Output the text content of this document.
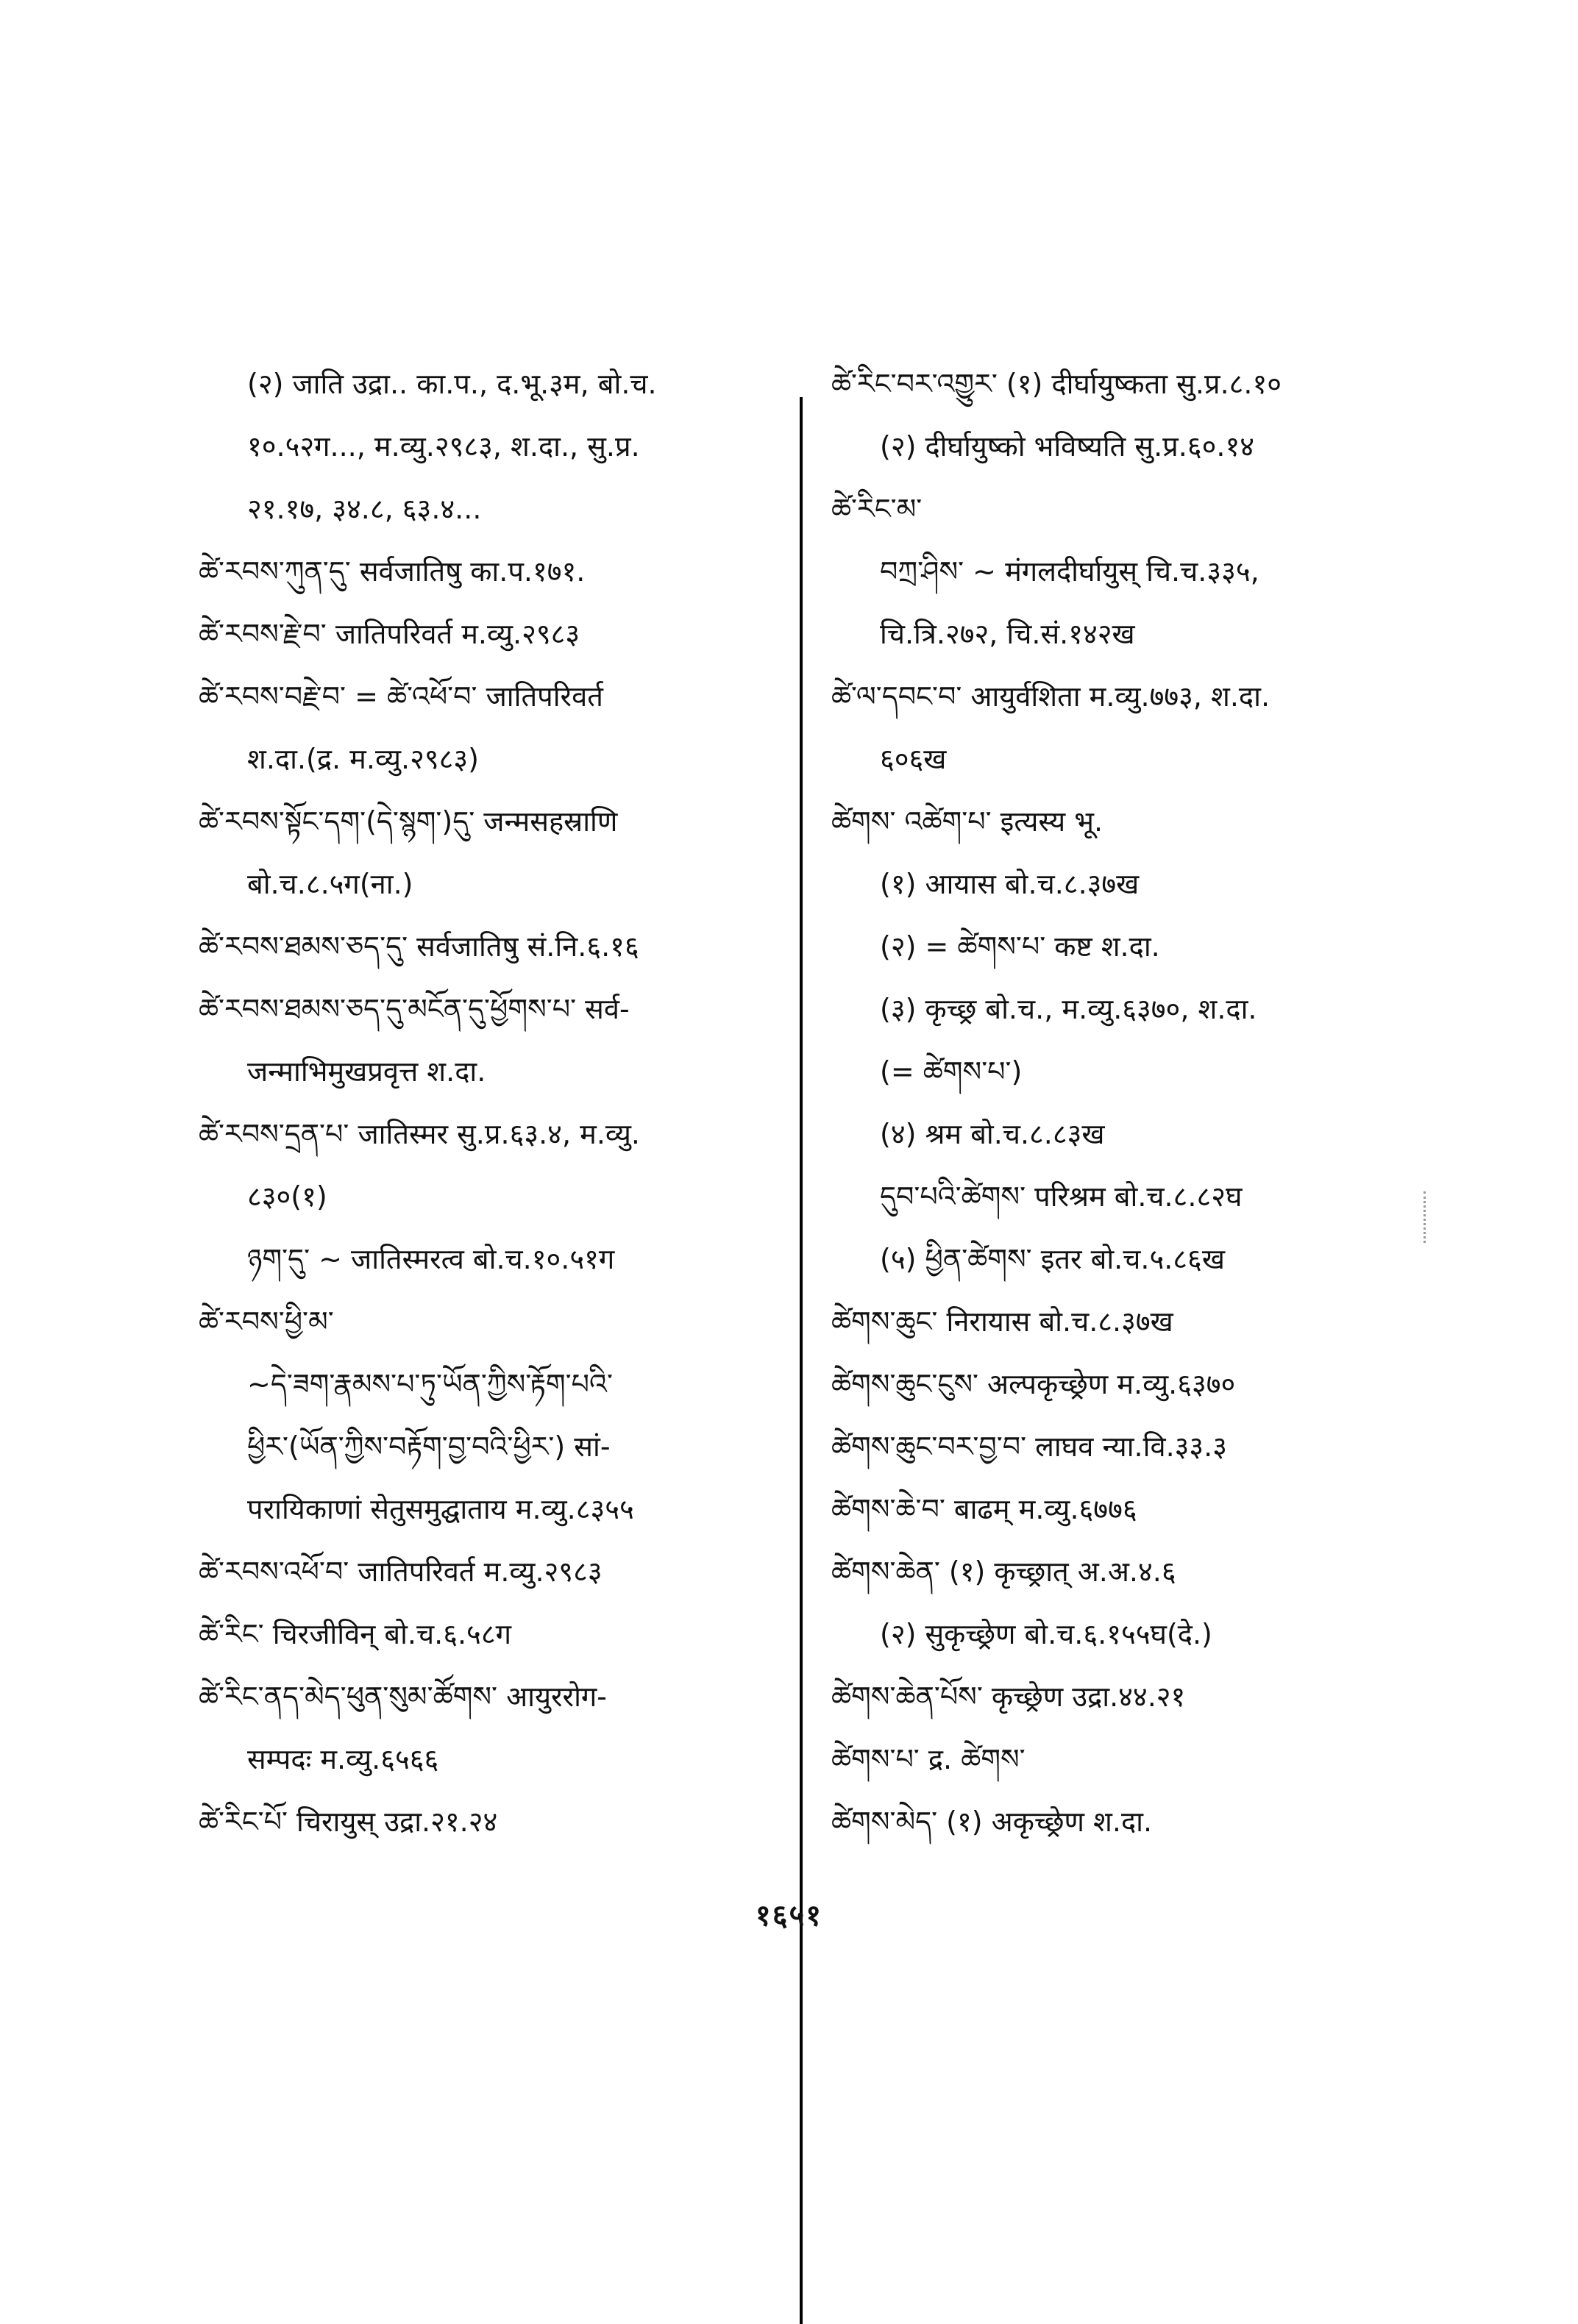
(२) जाति उद्रा.. का.प., द.भू.३म, बो.च.

१०.५२ग..., म.व्यु.२९८३, श.दा., सु.प्र.

२१.१७, ३४.८, ६३.४...

ཚེ་རབས་ཀུན་དུ་ सर्वजातिषु का.प.१७१.

ཚེ་རབས་རྗེ་བ་ जातिपरिवर्त म.व्यु.२९८३

ཚེ་རབས་བརྗེ་བ་ = ཚེ་འཕོ་བ་ जातिपरिवर्त

श.दा.(द्र. म.व्यु.२९८३)

ཚེ་རབས་སྟོང་དག་(དེ་སྙག་)དུ་ जन्मसहस्राणि

बो.च.८.५ग(ना.)

ཚེ་རབས་ཐམས་ཅད་དུ་ सर्वजातिषु सं.नि.६.१६

ཚེ་རབས་ཐམས་ཅད་དུ་མངོན་དུ་ཕྱོགས་པ་ सर्व-

जन्माभिमुखप्रवृत्त श.दा.

ཚེ་རབས་དྲན་པ་ जातिस्मर सु.प्र.६३.४, म.व्यु.

८३०(१)

ཉག་དུ་ ~ जातिस्मरत्व बो.च.१०.५१ग

ཚེ་རབས་ཕྱི་མ་

~དེ་ཟག་རྣམས་པ་ཏུ་ཡོན་ཀྱིས་རྟོག་པའི་

ཕྱིར་(ཡོན་ཀྱིས་བརྟོག་བྱ་བའི་ཕྱིར་) सां-

परायिकाणां सेतुसमुद्घाताय म.व्यु.८३५५

ཚེ་རབས་འཕོ་བ་ जातिपरिवर्त म.व्यु.२९८३

ཚེ་རིང་ चिरजीविन् बो.च.६.५८ग

ཚེ་རིང་ནད་མེད་ཕུན་སུམ་ཚོགས་ आयुररोग-

सम्पदः म.व्यु.६५६६

ཚེ་རིང་པོ་ चिरायुस् उद्रा.२१.२४

ཚེ་རིང་བར་འགྱུར་ (१) दीर्घायुष्कता सु.प्र.८.१०

(२) दीर्घायुष्को भविष्यति सु.प्र.६०.१४

ཚེ་རིང་མ་

བཀྲ་ཤིས་ ~ मंगलदीर्घायुस् चि.च.३३५,

चि.त्रि.२७२, चि.सं.१४२ख

ཚེ་ལ་དབང་བ་ आयुर्वशिता म.व्यु.७७३, श.दा.

६०६ख

ཚེགས་ འཚེག་པ་ इत्यस्य भू.

(१) आयास बो.च.८.३७ख

(२) = ཚེགས་པ་ कष्ट श.दा.

(३) कृच्छ्र बो.च., म.व्यु.६३७०, श.दा.

(= ཚེགས་པ་)

(४) श्रम बो.च.८.८३ख

དུབ་པའི་ཚེགས་ परिश्रम बो.च.८.८२घ

(५) ཕྱིན་ཚེགས་ इतर बो.च.५.८६ख

ཚེགས་ཆུང་ निरायास बो.च.८.३७ख

ཚེགས་ཆུང་ངུས་ अल्पकृच्छ्रेण म.व्यु.६३७०

ཚེགས་ཆུང་བར་བྱ་བ་ लाघव न्या.वि.३३.३

ཚེགས་ཆེ་བ་ बाढम् म.व्यु.६७७६

ཚེགས་ཆེན་ (१) कृच्छ्रात् अ.अ.४.६

(२) सुकृच्छ्रेण बो.च.६.१५५घ(दे.)

ཚེགས་ཆེན་པོས་ कृच्छ्रेण उद्रा.४४.२१

ཚེགས་པ་ द्र. ཚེགས་

ཚེགས་མེད་ (१) अकृच्छ्रेण श.दा.

१६५१
